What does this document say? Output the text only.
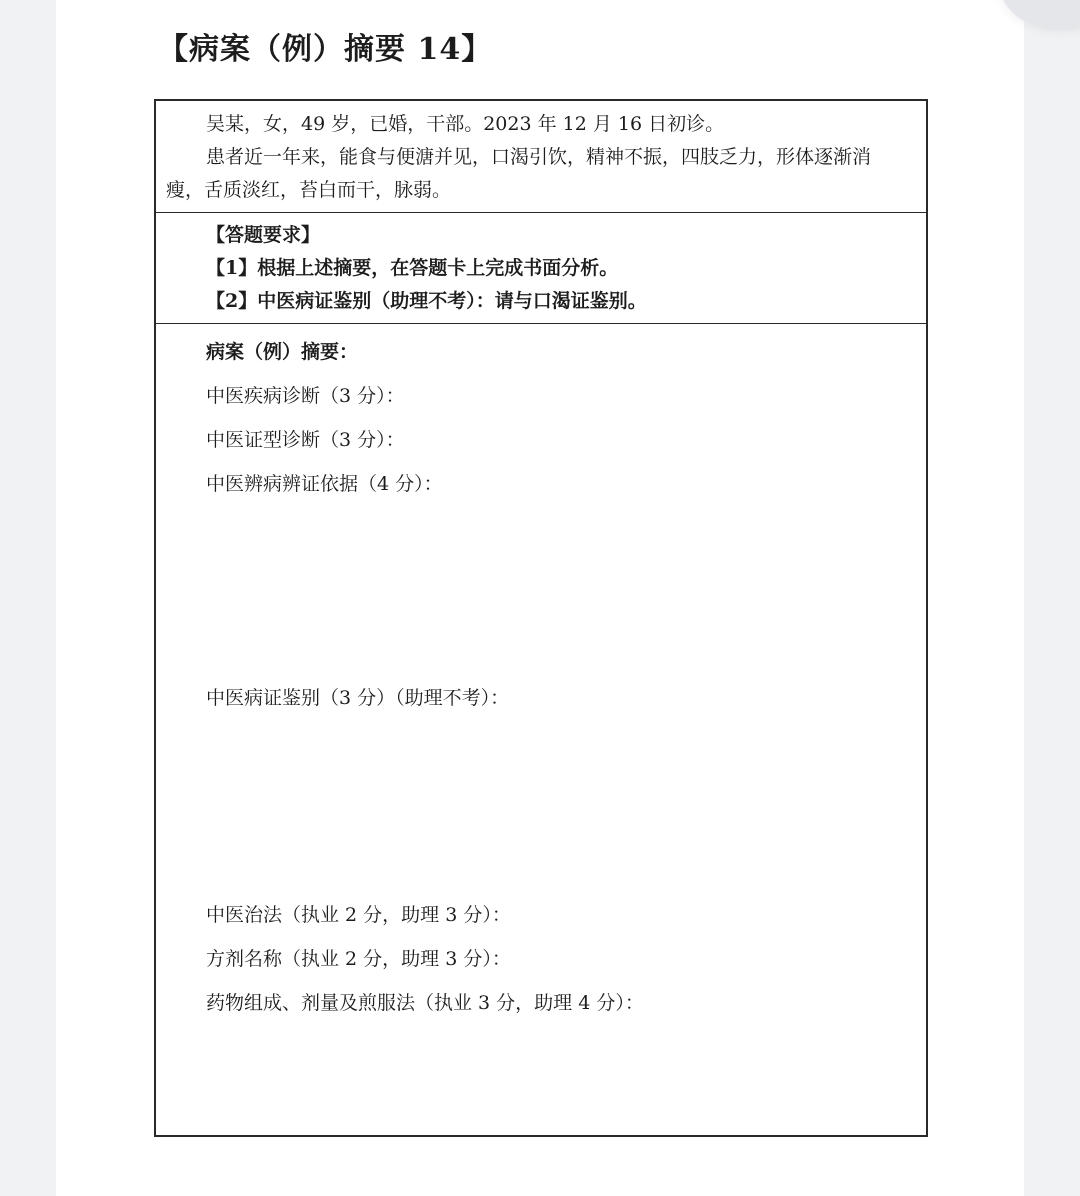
【病案（例）摘要 14】
吴某，女，49 岁，已婚，干部。2023 年 12 月 16 日初诊。
患者近一年来，能食与便溏并见，口渴引饮，精神不振，四肢乏力，形体逐渐消
瘦，舌质淡红，苔白而干，脉弱。
【答题要求】
【1】根据上述摘要，在答题卡上完成书面分析。
【2】中医病证鉴别（助理不考）：请与口渴证鉴别。
病案（例）摘要：
中医疾病诊断（3 分）：
中医证型诊断（3 分）：
中医辨病辨证依据（4 分）：
中医病证鉴别（3 分）（助理不考）：
中医治法（执业 2 分，助理 3 分）：
方剂名称（执业 2 分，助理 3 分）：
药物组成、剂量及煎服法（执业 3 分，助理 4 分）：
